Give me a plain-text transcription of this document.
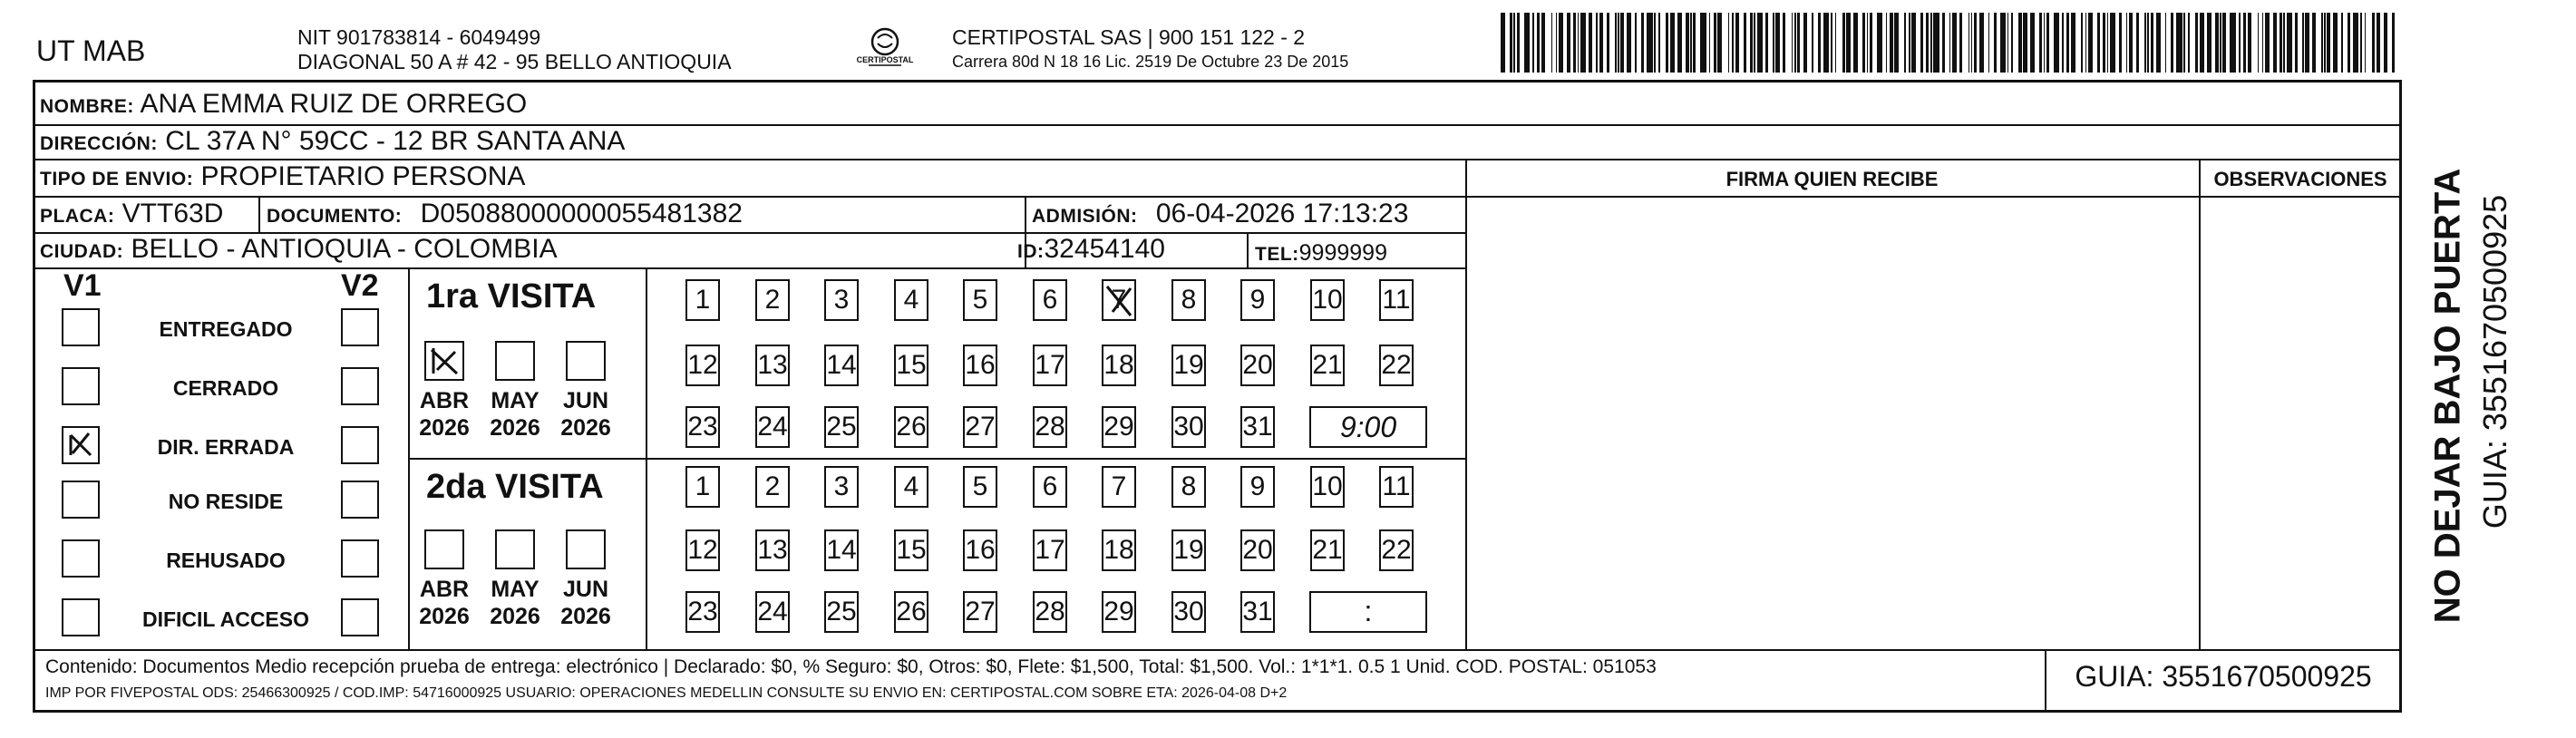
UT MAB	NIT 901783814 - 6049499
DIAGONAL 50 A # 42 - 95 BELLO ANTIOQUIA	CERTIPOSTAL
CERTIPOSTAL SAS | 900 151 122 - 2
Carrera 80d N 18 16 Lic. 2519 De Octubre 23 De 2015
NOMBRE: ANA EMMA RUIZ DE ORREGO
DIRECCIÓN: CL 37A N° 59CC - 12 BR SANTA ANA
TIPO DE ENVIO: PROPIETARIO PERSONA	FIRMA QUIEN RECIBE	OBSERVACIONES
PLACA: VTT63D DOCUMENTO: D05088000000055481382	ADMISIÓN: 06-04-2026 17:13:23
CIUDAD: BELLO - ANTIOQUIA - COLOMBIA	ID:32454140	TEL:9999999
V1	V2
ENTREGADO
CERRADO
DIR. ERRADA
NO RESIDE
REHUSADO
DIFICIL ACCESO
1ra VISITA
2da VISITA
ABR
2026
MAY
2026
JUN
2026
ABR
2026
MAY
2026
JUN
2026
1	2	3	4	5	6	7	8	9	10 11
12 13 14 15 16 17 18 19 20 21 22
23 24 25 26 27 28 29 30 31
1	2	3	4	5	6	7	8	9	10 11
12 13 14 15 16 17 18 19 20 21 22
23 24 25 26 27 28 29 30 31
9:00
:
Contenido: Documentos Medio recepción prueba de entrega: electrónico | Declarado: $0, % Seguro: $0, Otros: $0, Flete: $1,500, Total: $1,500. Vol.: 1*1*1. 0.5 1 Unid. COD. POSTAL: 051053
IMP POR FIVEPOSTAL ODS: 25466300925 / COD.IMP: 54716000925 USUARIO: OPERACIONES MEDELLIN CONSULTE SU ENVIO EN: CERTIPOSTAL.COM SOBRE ETA: 2026-04-08 D+2
GUIA: 3551670500925
NO DEJAR BAJO PUERTA GUIA: 3551670500925
